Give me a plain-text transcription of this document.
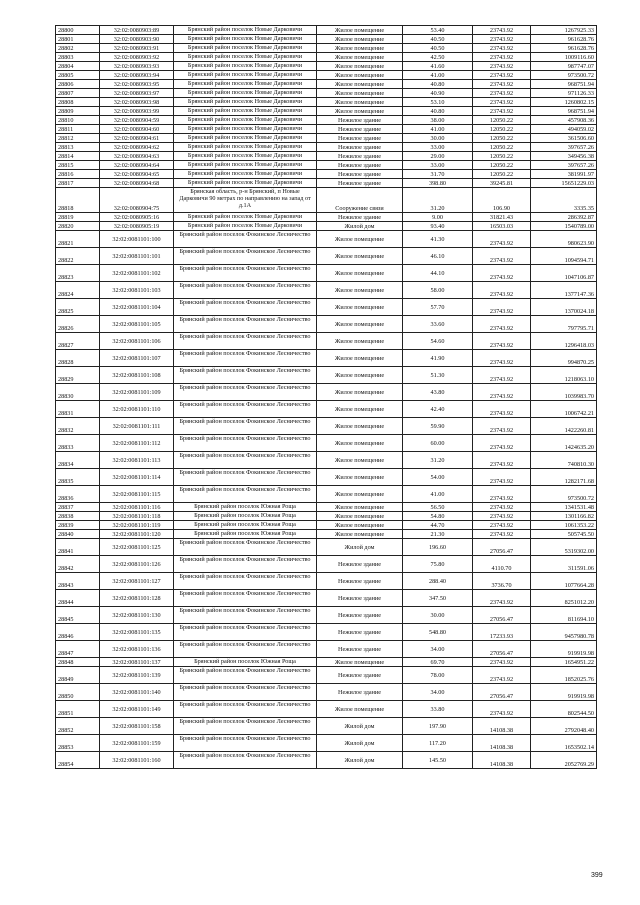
28800	32:02:0080903:89	Брянский район поселок Новые Дарковичи	Жилое помещение	53.40	23743.92	1267925.33
28801	32:02:0080903:90	Брянский район поселок Новые Дарковичи	Жилое помещение	40.50	23743.92	961628.76
28802	32:02:0080903:91	Брянский район поселок Новые Дарковичи	Жилое помещение	40.50	23743.92	961628.76
28803	32:02:0080903:92	Брянский район поселок Новые Дарковичи	Жилое помещение	42.50	23743.92	1009116.60
28804	32:02:0080903:93	Брянский район поселок Новые Дарковичи	Жилое помещение	41.60	23743.92	987747.07
28805	32:02:0080903:94	Брянский район поселок Новые Дарковичи	Жилое помещение	41.00	23743.92	973500.72
28806	32:02:0080903:95	Брянский район поселок Новые Дарковичи	Жилое помещение	40.80	23743.92	968751.94
28807	32:02:0080903:97	Брянский район поселок Новые Дарковичи	Жилое помещение	40.90	23743.92	971126.33
28808	32:02:0080903:98	Брянский район поселок Новые Дарковичи	Жилое помещение	53.10	23743.92	1260802.15
28809	32:02:0080903:99	Брянский район поселок Новые Дарковичи	Жилое помещение	40.80	23743.92	968751.94
28810	32:02:0080904:59	Брянский район поселок Новые Дарковичи	Нежилое здание	38.00	12050.22	457908.36
28811	32:02:0080904:60	Брянский район поселок Новые Дарковичи	Нежилое здание	41.00	12050.22	494059.02
28812	32:02:0080904:61	Брянский район поселок Новые Дарковичи	Нежилое здание	30.00	12050.22	361506.60
28813	32:02:0080904:62	Брянский район поселок Новые Дарковичи	Нежилое здание	33.00	12050.22	397657.26
28814	32:02:0080904:63	Брянский район поселок Новые Дарковичи	Нежилое здание	29.00	12050.22	349456.38
28815	32:02:0080904:64	Брянский район поселок Новые Дарковичи	Нежилое здание	33.00	12050.22	397657.26
28816	32:02:0080904:65	Брянский район поселок Новые Дарковичи	Нежилое здание	31.70	12050.22	381991.97
28817	32:02:0080904:68	Брянский район поселок Новые Дарковичи	Нежилое здание	398.80	39245.81	15651229.03
28818	32:02:0080904:75	Брянская область, р-н Брянский, п Новые Дарковичи 90 метрах по направлению на запад от д.1А	Сооружение связи	31.20	106.90	3335.35
28819	32:02:0080905:16	Брянский район поселок Новые Дарковичи	Нежилое здание	9.00	31821.43	286392.87
28820	32:02:0080905:19	Брянский район поселок Новые Дарковичи	Жилой дом	93.40	16503.03	1540789.00
28821	32:02:0081101:100	Брянский район поселок Фокинское Лесничество	Жилое помещение	41.30	23743.92	980623.90
28822	32:02:0081101:101	Брянский район поселок Фокинское Лесничество	Жилое помещение	46.10	23743.92	1094594.71
28823	32:02:0081101:102	Брянский район поселок Фокинское Лесничество	Жилое помещение	44.10	23743.92	1047106.87
28824	32:02:0081101:103	Брянский район поселок Фокинское Лесничество	Жилое помещение	58.00	23743.92	1377147.36
28825	32:02:0081101:104	Брянский район поселок Фокинское Лесничество	Жилое помещение	57.70	23743.92	1370024.18
28826	32:02:0081101:105	Брянский район поселок Фокинское Лесничество	Жилое помещение	33.60	23743.92	797795.71
28827	32:02:0081101:106	Брянский район поселок Фокинское Лесничество	Жилое помещение	54.60	23743.92	1296418.03
28828	32:02:0081101:107	Брянский район поселок Фокинское Лесничество	Жилое помещение	41.90	23743.92	994870.25
28829	32:02:0081101:108	Брянский район поселок Фокинское Лесничество	Жилое помещение	51.30	23743.92	1218063.10
28830	32:02:0081101:109	Брянский район поселок Фокинское Лесничество	Жилое помещение	43.80	23743.92	1039983.70
28831	32:02:0081101:110	Брянский район поселок Фокинское Лесничество	Жилое помещение	42.40	23743.92	1006742.21
28832	32:02:0081101:111	Брянский район поселок Фокинское Лесничество	Жилое помещение	59.90	23743.92	1422260.81
28833	32:02:0081101:112	Брянский район поселок Фокинское Лесничество	Жилое помещение	60.00	23743.92	1424635.20
28834	32:02:0081101:113	Брянский район поселок Фокинское Лесничество	Жилое помещение	31.20	23743.92	740810.30
28835	32:02:0081101:114	Брянский район поселок Фокинское Лесничество	Жилое помещение	54.00	23743.92	1282171.68
28836	32:02:0081101:115	Брянский район поселок Фокинское Лесничество	Жилое помещение	41.00	23743.92	973500.72
28837	32:02:0081101:116	Брянский район поселок Южная Роща	Жилое помещение	56.50	23743.92	1341531.48
28838	32:02:0081101:118	Брянский район поселок Южная Роща	Жилое помещение	54.80	23743.92	1301166.82
28839	32:02:0081101:119	Брянский район поселок Южная Роща	Жилое помещение	44.70	23743.92	1061353.22
28840	32:02:0081101:120	Брянский район поселок Южная Роща	Жилое помещение	21.30	23743.92	505745.50
28841	32:02:0081101:125	Брянский район поселок Фокинское Лесничество	Жилой дом	196.60	27056.47	5319302.00
28842	32:02:0081101:126	Брянский район поселок Фокинское Лесничество	Нежилое здание	75.80	4110.70	311591.06
28843	32:02:0081101:127	Брянский район поселок Фокинское Лесничество	Нежилое здание	288.40	3736.70	1077664.28
28844	32:02:0081101:128	Брянский район поселок Фокинское Лесничество	Нежилое здание	347.50	23743.92	8251012.20
28845	32:02:0081101:130	Брянский район поселок Фокинское Лесничество	Нежилое здание	30.00	27056.47	811694.10
28846	32:02:0081101:135	Брянский район поселок Фокинское Лесничество	Нежилое здание	548.80	17233.93	9457980.78
28847	32:02:0081101:136	Брянский район поселок Фокинское Лесничество	Нежилое здание	34.00	27056.47	919919.98
28848	32:02:0081101:137	Брянский район поселок Южная Роща	Жилое помещение	69.70	23743.92	1654951.22
28849	32:02:0081101:139	Брянский район поселок Фокинское Лесничество	Нежилое здание	78.00	23743.92	1852025.76
28850	32:02:0081101:140	Брянский район поселок Фокинское Лесничество	Нежилое здание	34.00	27056.47	919919.98
28851	32:02:0081101:149	Брянский район поселок Фокинское Лесничество	Жилое помещение	33.80	23743.92	802544.50
28852	32:02:0081101:158	Брянский район поселок Фокинское Лесничество	Жилой дом	197.90	14108.38	2792048.40
28853	32:02:0081101:159	Брянский район поселок Фокинское Лесничество	Жилой дом	117.20	14108.38	1653502.14
28854	32:02:0081101:160	Брянский район поселок Фокинское Лесничество	Жилой дом	145.50	14108.38	2052769.29
399
